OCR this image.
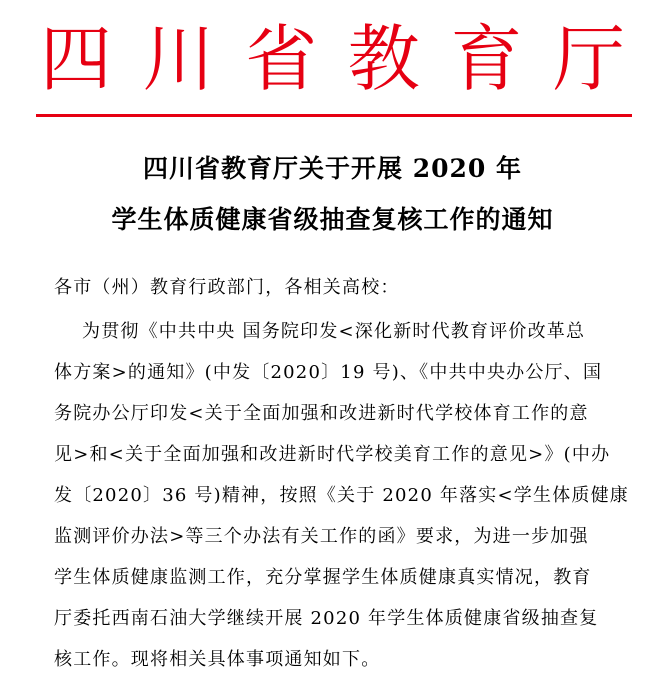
四 川 省 教 育 厅
四川省教育厅关于开展 2020 年
学生体质健康省级抽查复核工作的通知
各市（州）教育行政部门，各相关高校：
为贯彻《中共中央 国务院印发<深化新时代教育评价改革总
体方案>的通知》(中发〔2020〕19 号)、《中共中央办公厅、国
务院办公厅印发<关于全面加强和改进新时代学校体育工作的意
见>和<关于全面加强和改进新时代学校美育工作的意见>》(中办
发〔2020〕36 号)精神，按照《关于 2020 年落实<学生体质健康
监测评价办法>等三个办法有关工作的函》要求，为进一步加强
学生体质健康监测工作，充分掌握学生体质健康真实情况，教育
厅委托西南石油大学继续开展 2020 年学生体质健康省级抽查复
核工作。现将相关具体事项通知如下。
